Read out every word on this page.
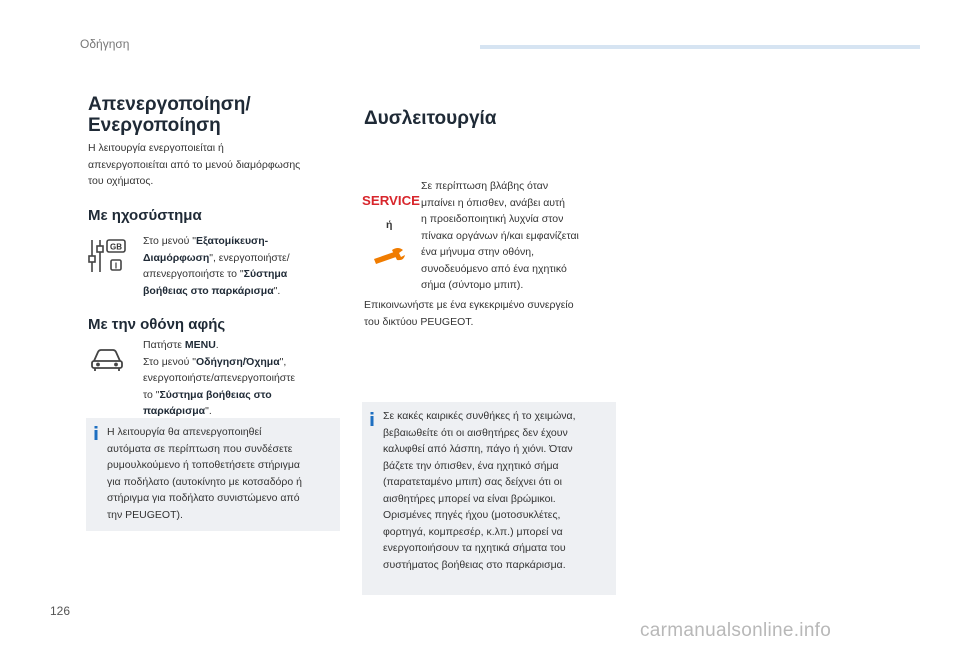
Οδήγηση
Απενεργοποίηση/
Ενεργοποίηση
Η λειτουργία ενεργοποιείται ή
απενεργοποιείται από το μενού διαμόρφωσης
του οχήματος.
Με ηχοσύστημα
GB
I
Στο μενού "Εξατομίκευση-
Διαμόρφωση", ενεργοποιήστε/
απενεργοποιήστε το "Σύστημα
βοήθειας στο παρκάρισμα".
Με την οθόνη αφής
Πατήστε MENU.
Στο μενού "Οδήγηση/Όχημα",
ενεργοποιήστε/απενεργοποιήστε
το "Σύστημα βοήθειας στο
παρκάρισμα".
Η λειτουργία θα απενεργοποιηθεί
αυτόματα σε περίπτωση που συνδέσετε
ρυμουλκούμενο ή τοποθετήσετε στήριγμα
για ποδήλατο (αυτοκίνητο με κοτσαδόρο ή
στήριγμα για ποδήλατο συνιστώμενο από
την PEUGEOT).
Δυσλειτουργία
SERVICE
ή
Σε περίπτωση βλάβης όταν
μπαίνει η όπισθεν, ανάβει αυτή
η προειδοποιητική λυχνία στον
πίνακα οργάνων ή/και εμφανίζεται
ένα μήνυμα στην οθόνη,
συνοδευόμενο από ένα ηχητικό
σήμα (σύντομο μπιπ).
Επικοινωνήστε με ένα εγκεκριμένο συνεργείο
του δικτύου PEUGEOT.
Σε κακές καιρικές συνθήκες ή το χειμώνα,
βεβαιωθείτε ότι οι αισθητήρες δεν έχουν
καλυφθεί από λάσπη, πάγο ή χιόνι. Όταν
βάζετε την όπισθεν, ένα ηχητικό σήμα
(παρατεταμένο μπιπ) σας δείχνει ότι οι
αισθητήρες μπορεί να είναι βρώμικοι.
Ορισμένες πηγές ήχου (μοτοσυκλέτες,
φορτηγά, κομπρεσέρ, κ.λπ.) μπορεί να
ενεργοποιήσουν τα ηχητικά σήματα του
συστήματος βοήθειας στο παρκάρισμα.
126
carmanualsonline.info
